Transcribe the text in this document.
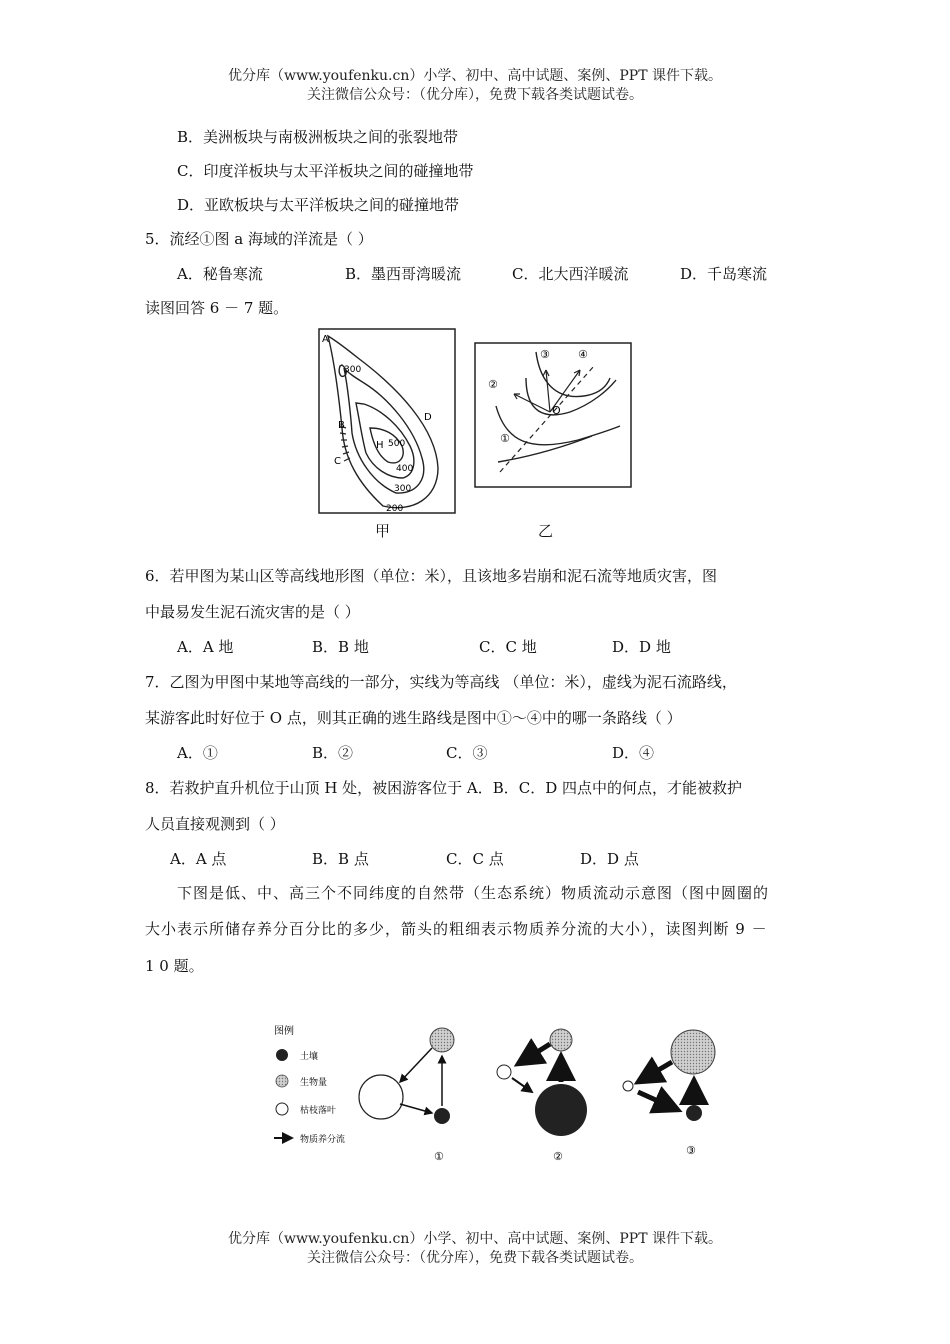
优分库（www.youfenku.cn）小学、初中、高中试题、案例、PPT 课件下载。
关注微信公众号：（优分库），免费下载各类试题试卷。
B．美洲板块与南极洲板块之间的张裂地带
C．印度洋板块与太平洋板块之间的碰撞地带
D．亚欧板块与太平洋板块之间的碰撞地带
5．流经①图 a 海域的洋流是（ ）
A．秘鲁寒流	B．墨西哥湾暖流	C．北大西洋暖流	D．千岛寒流
读图回答 6 － 7 题。
A
B
C
D
H
300
500
400
300
200
甲
O
①
②
③	④
乙
6．若甲图为某山区等高线地形图（单位：米），且该地多岩崩和泥石流等地质灾害，图
中最易发生泥石流灾害的是（ ）
A．A 地	B．B 地	C．C 地	D．D 地
7．乙图为甲图中某地等高线的一部分，实线为等高线 （单位：米），虚线为泥石流路线，
某游客此时好位于 O 点，则其正确的逃生路线是图中①～④中的哪一条路线（ ）
A．①	B．②	C．③	D．④
8．若救护直升机位于山顶 H 处，被困游客位于 A．B．C．D 四点中的何点，才能被救护
人员直接观测到（ ）
A．A 点	B．B 点	C．C 点	D．D 点
下图是低、中、高三个不同纬度的自然带（生态系统）物质流动示意图（图中圆圈的
大小表示所储存养分百分比的多少，箭头的粗细表示物质养分流的大小），读图判断 9 －
1 0 题。
图例
土壤
生物量
枯枝落叶
物质养分流
①	②	③
优分库（www.youfenku.cn）小学、初中、高中试题、案例、PPT 课件下载。
关注微信公众号：（优分库），免费下载各类试题试卷。
